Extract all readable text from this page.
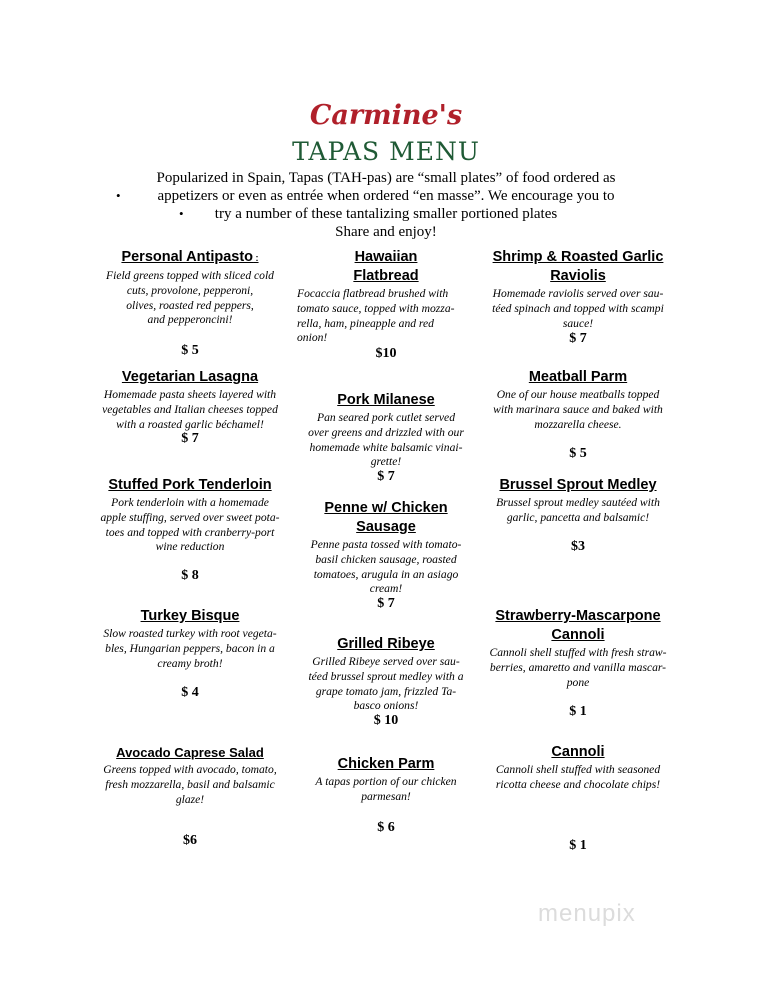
Carmine's
TAPAS MENU
Popularized in Spain, Tapas (TAH-pas) are “small plates” of food ordered as
• appetizers or even as entrée when ordered “en masse”. We encourage you to
• try a number of these tantalizing smaller portioned plates
Share and enjoy!
Personal Antipasto :
Field greens topped with sliced cold
cuts, provolone, pepperoni,
olives, roasted red peppers,
and pepperoncini!
$ 5
Vegetarian Lasagna
Homemade pasta sheets layered with
vegetables and Italian cheeses topped
with a roasted garlic béchamel!
$ 7
Stuffed Pork Tenderloin
Pork tenderloin with a homemade
apple stuffing, served over sweet pota-
toes and topped with cranberry-port
wine reduction
$ 8
Turkey Bisque
Slow roasted turkey with root vegeta-
bles, Hungarian peppers, bacon in a
creamy broth!
$ 4
Avocado Caprese Salad
Greens topped with avocado, tomato,
fresh mozzarella, basil and balsamic
glaze!
$6
Hawaiian Flatbread
Focaccia flatbread brushed with
tomato sauce, topped with mozza-
rella, ham, pineapple and red
onion!
$10
Pork Milanese
Pan seared pork cutlet served
over greens and drizzled with our
homemade white balsamic vinai-
grette!
$ 7
Penne w/ Chicken Sausage
Penne pasta tossed with tomato-
basil chicken sausage, roasted
tomatoes, arugula in an asiago
cream!
$ 7
Grilled Ribeye
Grilled Ribeye served over sau-
téed brussel sprout medley with a
grape tomato jam, frizzled Ta-
basco onions!
$ 10
Chicken Parm
A tapas portion of our chicken
parmesan!
$ 6
Shrimp & Roasted Garlic Raviolis
Homemade raviolis served over sau-
téed spinach and topped with scampi
sauce!
$ 7
Meatball Parm
One of our house meatballs topped
with marinara sauce and baked with
mozzarella cheese.
$ 5
Brussel Sprout Medley
Brussel sprout medley sautéed with
garlic, pancetta and balsamic!
$3
Strawberry-Mascarpone Cannoli
Cannoli shell stuffed with fresh straw-
berries, amaretto and vanilla mascar-
pone
$ 1
Cannoli
Cannoli shell stuffed with seasoned
ricotta cheese and chocolate chips!
$ 1
menupix
